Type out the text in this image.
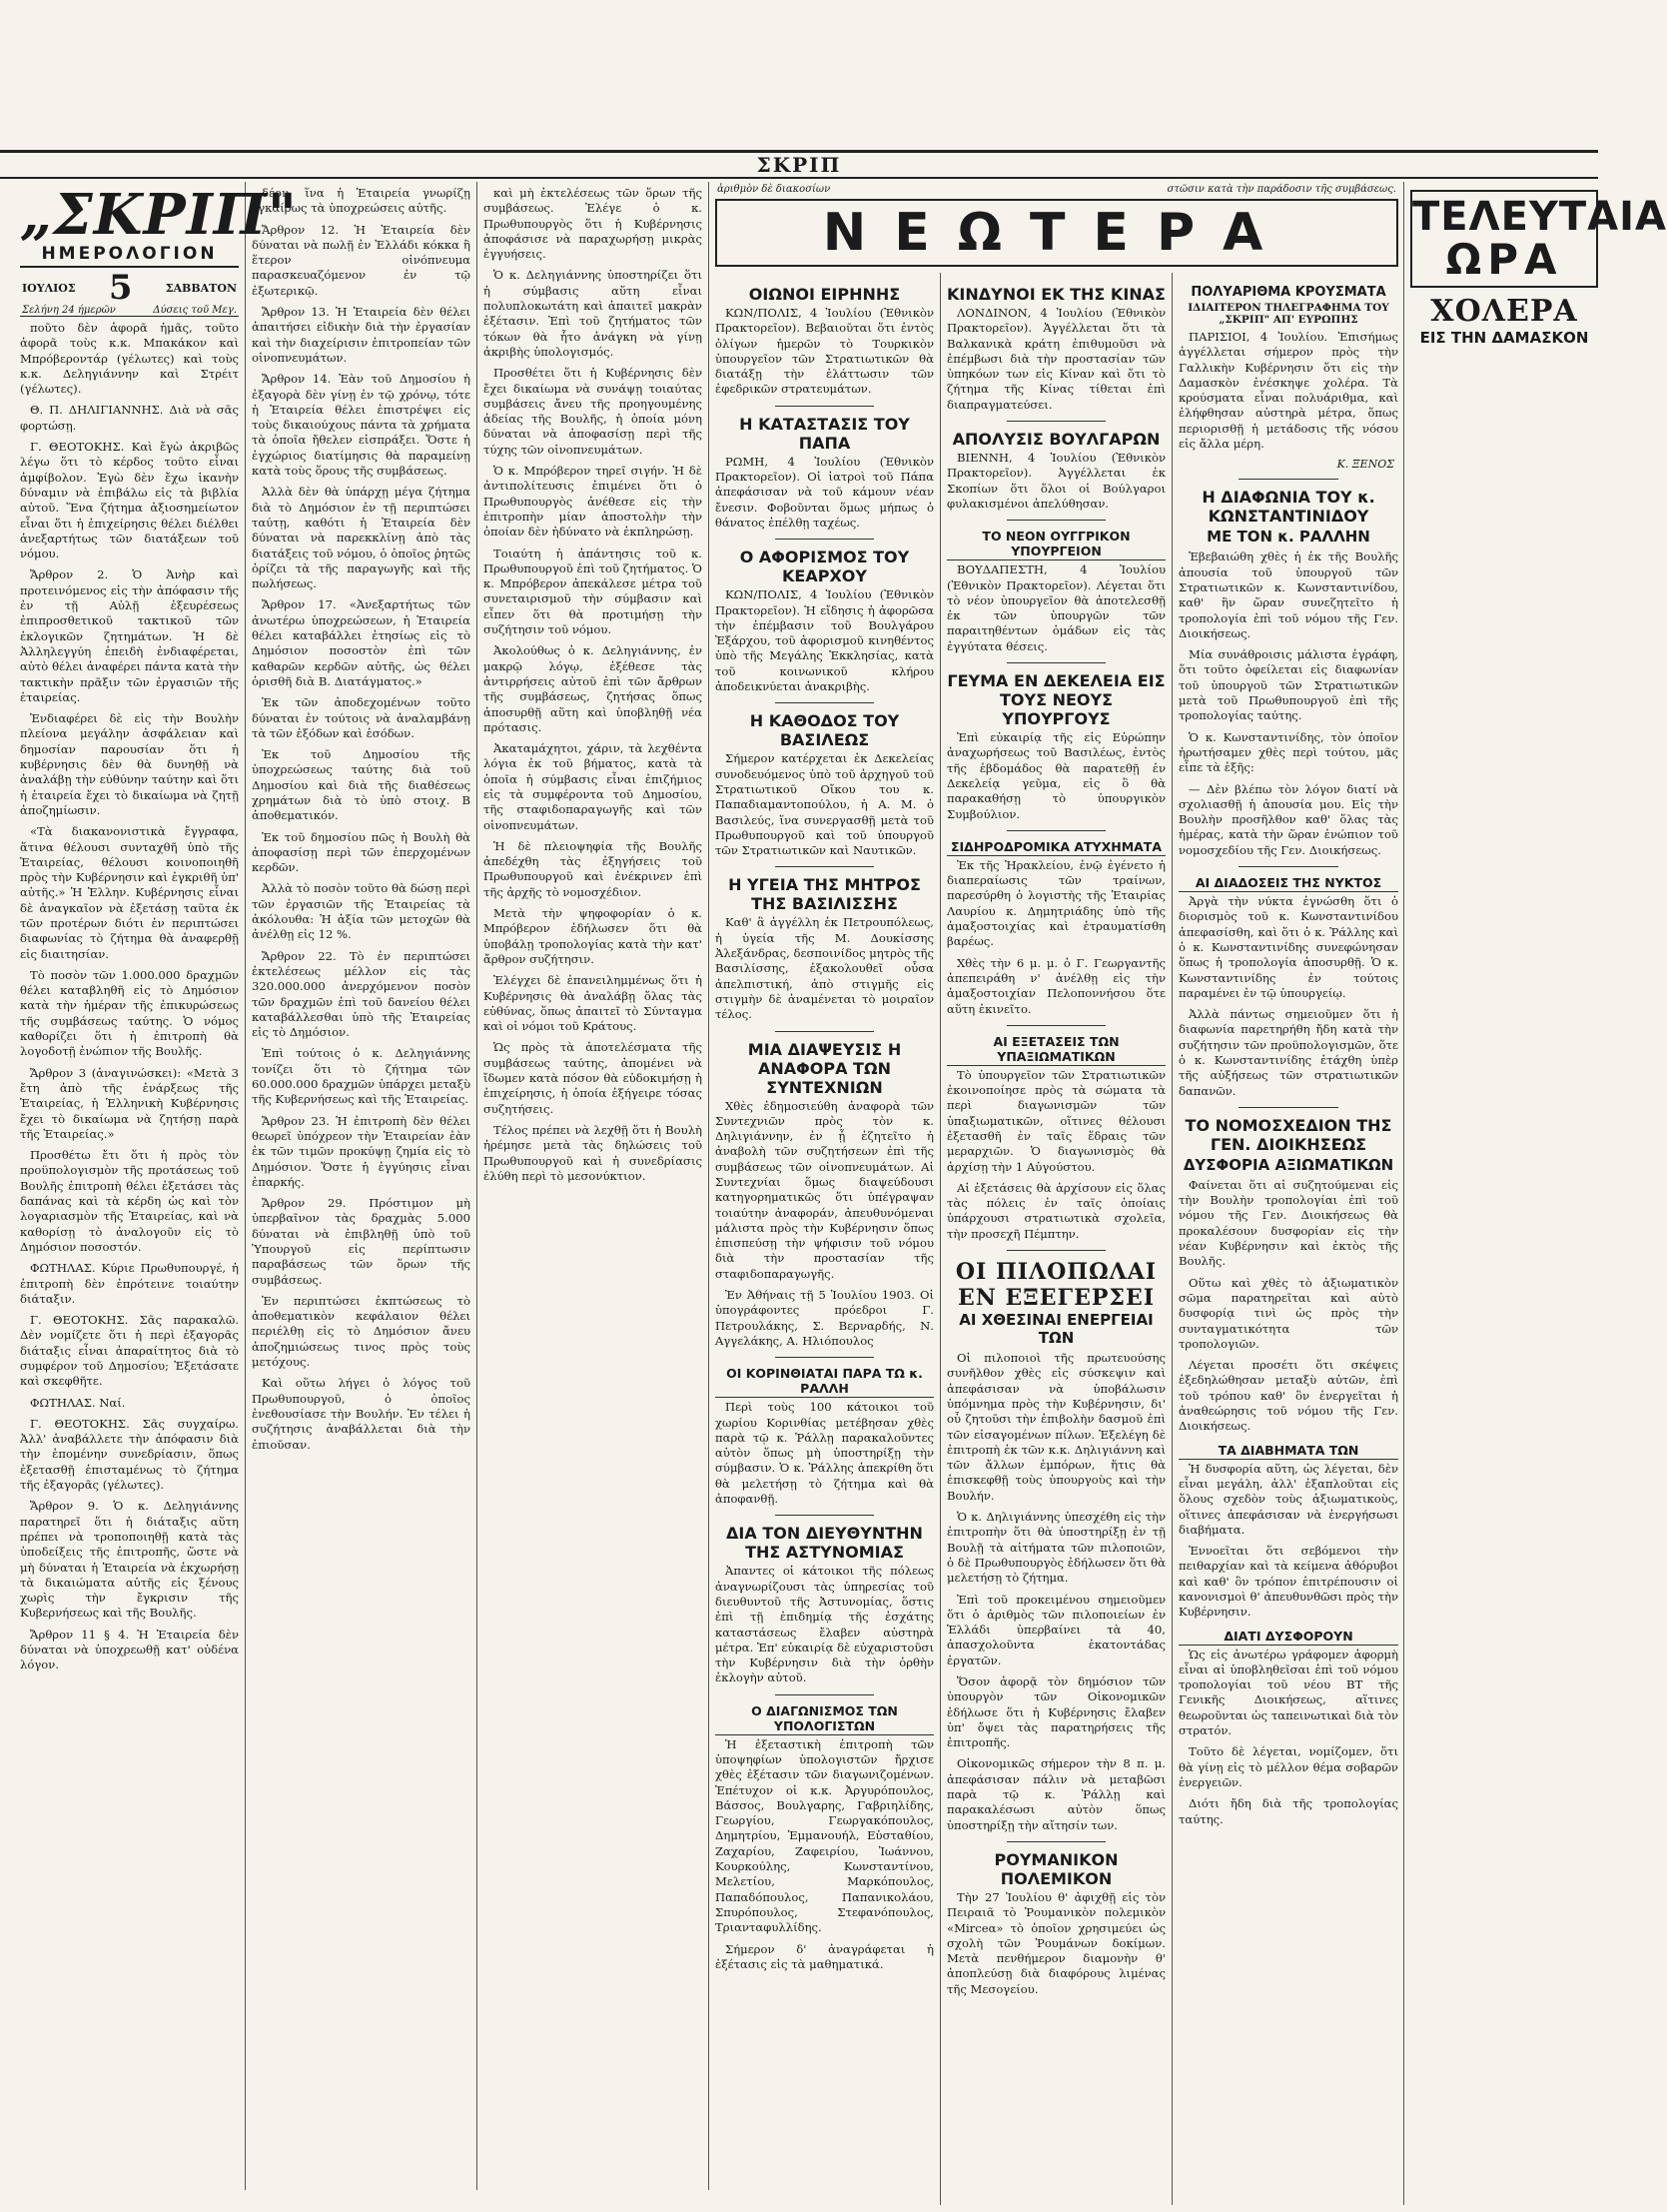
ΣΚΡΙΠ

„ΣΚΡΙΠ"

ΗΜΕΡΟΛΟΓΙΟΝ

ΙΟΥΛΙΟΣ 5	ΣΑΒΒΑΤΟΝ
Σελήνη 24 ήμερῶν	Δύσεις τοῦ Μεγ.

ποῦτο δὲν ἀφορᾶ ἡμᾶς, τοῦτο ἀφορᾶ τοὺς κ.κ. Μπακάκον καὶ Μπρόβεροντάρ (γέλωτες) καὶ τοὺς κ.κ. Δεληγιάννην καὶ Στρέιτ (γέλωτες).

Θ. Π. ΔΗΛΙΓΙΑΝΝΗΣ. Διὰ νὰ σᾶς φορτώσῃ.

Γ. ΘΕΟΤΟΚΗΣ. Καὶ ἔγὼ ἀκριβῶς λέγω ὅτι τὸ κέρδος τοῦτο εἶναι ἀμφίβολον. Ἐγὼ δὲν ἔχω ἱκανὴν δύναμιν νὰ ἐπιβάλω εἰς τὰ βιβλία αὐτοῦ. Ἕνα ζήτημα ἀξιοσημείωτον εἶναι ὅτι ἡ ἐπιχείρησις θέλει διέλθει ἀνεξαρτήτως τῶν διατάξεων τοῦ νόμου.

Ἄρθρον 2. Ὁ Ἀνὴρ καὶ προτεινόμενος εἰς τὴν ἀπόφασιν τῆς ἐν τῇ Αὐλῇ ἐξευρέσεως ἐπιπροσθετικοῦ τακτικοῦ τῶν ἐκλογικῶν ζητημάτων. Ἡ δὲ Ἀλληλεγγύη ἐπειδὴ ἐνδιαφέρεται, αὐτὸ θέλει ἀναφέρει πάντα κατὰ τὴν τακτικὴν πρᾶξιν τῶν ἐργασιῶν τῆς ἑταιρείας.

Ἐνδιαφέρει δὲ εἰς τὴν Βουλὴν πλείονα μεγάλην ἀσφάλειαν καὶ δημοσίαν παρουσίαν ὅτι ἡ κυβέρνησις δὲν θὰ δυνηθῇ νὰ ἀναλάβῃ τὴν εὐθύνην ταύτην καὶ ὅτι ἡ ἑταιρεία ἔχει τὸ δικαίωμα νὰ ζητῇ ἀποζημίωσιν.

«Τὰ διακανονιστικὰ ἔγγραφα, ἅτινα θέλουσι συνταχθῆ ὑπὸ τῆς Ἑταιρείας, θέλουσι κοινοποιηθῆ πρὸς τὴν Κυβέρνησιν καὶ ἐγκριθῆ ὑπ' αὐτῆς.» Ἡ Ἑλλην. Κυβέρνησις εἶναι δὲ ἀναγκαῖον νὰ ἐξετάσῃ ταῦτα ἐκ τῶν προτέρων διότι ἐν περιπτώσει διαφωνίας τὸ ζήτημα θὰ ἀναφερθῇ εἰς διαιτησίαν.

Τὸ ποσὸν τῶν 1.000.000 δραχμῶν θέλει καταβληθῆ εἰς τὸ Δημόσιον κατὰ τὴν ἡμέραν τῆς ἐπικυρώσεως τῆς συμβάσεως ταύτης. Ὁ νόμος καθορίζει ὅτι ἡ ἐπιτροπὴ θὰ λογοδοτῇ ἐνώπιον τῆς Βουλῆς.

Ἄρθρον 3 (ἀναγινώσκει): «Μετὰ 3 ἔτη ἀπὸ τῆς ἐνάρξεως τῆς Ἑταιρείας, ἡ Ἑλληνικὴ Κυβέρνησις ἔχει τὸ δικαίωμα νὰ ζητήσῃ παρὰ τῆς Ἑταιρείας.»

Προσθέτω ἔτι ὅτι ἡ πρὸς τὸν προϋπολογισμὸν τῆς προτάσεως τοῦ Βουλῆς ἐπιτροπὴ θέλει ἐξετάσει τὰς δαπάνας καὶ τὰ κέρδη ὡς καὶ τὸν λογαριασμὸν τῆς Ἑταιρείας, καὶ νὰ καθορίσῃ τὸ ἀναλογοῦν εἰς τὸ Δημόσιον ποσοστόν.

ΦΩΤΗΛΑΣ. Κύριε Πρωθυπουργέ, ἡ ἐπιτροπὴ δὲν ἐπρότεινε τοιαύτην διάταξιν.

Γ. ΘΕΟΤΟΚΗΣ. Σᾶς παρακαλῶ. Δὲν νομίζετε ὅτι ἡ περὶ ἐξαγορᾶς διάταξις εἶναι ἀπαραίτητος διὰ τὸ συμφέρον τοῦ Δημοσίου; Ἐξετάσατε καὶ σκεφθῆτε.

ΦΩΤΗΛΑΣ. Ναί.

Γ. ΘΕΟΤΟΚΗΣ. Σᾶς συγχαίρω. Ἀλλ' ἀναβάλλετε τὴν ἀπόφασιν διὰ τὴν ἑπομένην συνεδρίασιν, ὅπως ἐξετασθῇ ἐπισταμένως τὸ ζήτημα τῆς ἐξαγορᾶς (γέλωτες).

Ἄρθρον 9. Ὁ κ. Δεληγιάννης παρατηρεῖ ὅτι ἡ διάταξις αὕτη πρέπει νὰ τροποποιηθῇ κατὰ τὰς ὑποδείξεις τῆς ἐπιτροπῆς, ὥστε νὰ μὴ δύναται ἡ Ἑταιρεία νὰ ἐκχωρήσῃ τὰ δικαιώματα αὐτῆς εἰς ξένους χωρὶς τὴν ἔγκρισιν τῆς Κυβερνήσεως καὶ τῆς Βουλῆς.

Ἄρθρον 11 § 4. Ἡ Ἑταιρεία δὲν δύναται νὰ ὑποχρεωθῇ κατ' οὐδένα λόγον.

δέον, ἵνα ἡ Ἑταιρεία γνωρίζῃ ἐγκαίρως τὰ ὑποχρεώσεις αὐτῆς.

Ἄρθρον 12. Ἡ Ἑταιρεία δὲν δύναται νὰ πωλῇ ἐν Ἑλλάδι κόκκα ἢ ἕτερον οἰνόπνευμα παρασκευαζόμενον ἐν τῷ ἐξωτερικῷ.

Ἄρθρον 13. Ἡ Ἑταιρεία δὲν θέλει ἀπαιτήσει εἰδικὴν διὰ τὴν ἐργασίαν καὶ τὴν διαχείρισιν ἐπιτροπείαν τῶν οἰνοπνευμάτων.

Ἄρθρον 14. Ἐὰν τοῦ Δημοσίου ἡ ἐξαγορὰ δὲν γίνῃ ἐν τῷ χρόνῳ, τότε ἡ Ἑταιρεία θέλει ἐπιστρέψει εἰς τοὺς δικαιούχους πάντα τὰ χρήματα τὰ ὁποῖα ἤθελεν εἰσπράξει. Ὅστε ἡ ἐγχώριος διατίμησις θὰ παραμείνῃ κατὰ τοὺς ὅρους τῆς συμβάσεως.

Ἀλλὰ δὲν θὰ ὑπάρχῃ μέγα ζήτημα διὰ τὸ Δημόσιον ἐν τῇ περιπτώσει ταύτῃ, καθότι ἡ Ἑταιρεία δὲν δύναται νὰ παρεκκλίνῃ ἀπὸ τὰς διατάξεις τοῦ νόμου, ὁ ὁποῖος ῥητῶς ὁρίζει τὰ τῆς παραγωγῆς καὶ τῆς πωλήσεως.

Ἄρθρον 17. «Ἀνεξαρτήτως τῶν ἀνωτέρω ὑποχρεώσεων, ἡ Ἑταιρεία θέλει καταβάλλει ἐτησίως εἰς τὸ Δημόσιον ποσοστὸν ἐπὶ τῶν καθαρῶν κερδῶν αὐτῆς, ὡς θέλει ὁρισθῆ διὰ Β. Διατάγματος.»

Ἐκ τῶν ἀποδεχομένων τοῦτο δύναται ἐν τούτοις νὰ ἀναλαμβάνῃ τὰ τῶν ἐξόδων καὶ ἐσόδων.

Ἐκ τοῦ Δημοσίου τῆς ὑποχρεώσεως ταύτης διὰ τοῦ Δημοσίου καὶ διὰ τῆς διαθέσεως χρημάτων διὰ τὸ ὑπὸ στοιχ. Β ἀποθεματικόν.

Ἐκ τοῦ δημοσίου πῶς ἡ Βουλὴ θὰ ἀποφασίσῃ περὶ τῶν ἐπερχομένων κερδῶν.

Ἀλλὰ τὸ ποσὸν τοῦτο θὰ δώσῃ περὶ τῶν ἐργασιῶν τῆς Ἑταιρείας τὰ ἀκόλουθα: Ἡ ἀξία τῶν μετοχῶν θὰ ἀνέλθῃ εἰς 12 %.

Ἄρθρον 22. Τὸ ἐν περιπτώσει ἐκτελέσεως μέλλον εἰς τὰς 320.000.000 ἀνερχόμενον ποσὸν τῶν δραχμῶν ἐπὶ τοῦ δανείου θέλει καταβάλλεσθαι ὑπὸ τῆς Ἑταιρείας εἰς τὸ Δημόσιον.

Ἐπὶ τούτοις ὁ κ. Δεληγιάννης τονίζει ὅτι τὸ ζήτημα τῶν 60.000.000 δραχμῶν ὑπάρχει μεταξὺ τῆς Κυβερνήσεως καὶ τῆς Ἑταιρείας.

Ἄρθρον 23. Ἡ ἐπιτροπὴ δὲν θέλει θεωρεῖ ὑπόχρεον τὴν Ἑταιρείαν ἐὰν ἐκ τῶν τιμῶν προκύψῃ ζημία εἰς τὸ Δημόσιον. Ὅστε ἡ ἐγγύησις εἶναι ἐπαρκής.

Ἄρθρον 29. Πρόστιμον μὴ ὑπερβαῖνον τὰς δραχμὰς 5.000 δύναται νὰ ἐπιβληθῇ ὑπὸ τοῦ Ὑπουργοῦ εἰς περίπτωσιν παραβάσεως τῶν ὅρων τῆς συμβάσεως.

Ἐν περιπτώσει ἐκπτώσεως τὸ ἀποθεματικὸν κεφάλαιον θέλει περιέλθῃ εἰς τὸ Δημόσιον ἄνευ ἀποζημιώσεως τινος πρὸς τοὺς μετόχους.

Καὶ οὕτω λήγει ὁ λόγος τοῦ Πρωθυπουργοῦ, ὁ ὁποῖος ἐνεθουσίασε τὴν Βουλήν. Ἐν τέλει ἡ συζήτησις ἀναβάλλεται διὰ τὴν ἐπιοῦσαν.

καὶ μὴ ἐκτελέσεως τῶν ὅρων τῆς συμβάσεως. Ἐλέγε ὁ κ. Πρωθυπουργὸς ὅτι ἡ Κυβέρνησις ἀποφάσισε νὰ παραχωρήσῃ μικρὰς ἐγγυήσεις.

Ὁ κ. Δεληγιάννης ὑποστηρίζει ὅτι ἡ σύμβασις αὕτη εἶναι πολυπλοκωτάτη καὶ ἀπαιτεῖ μακρὰν ἐξέτασιν. Ἐπὶ τοῦ ζητήματος τῶν τόκων θὰ ἦτο ἀνάγκη νὰ γίνῃ ἀκριβὴς ὑπολογισμός.

Προσθέτει ὅτι ἡ Κυβέρνησις δὲν ἔχει δικαίωμα νὰ συνάψῃ τοιαύτας συμβάσεις ἄνευ τῆς προηγουμένης ἀδείας τῆς Βουλῆς, ἡ ὁποία μόνη δύναται νὰ ἀποφασίσῃ περὶ τῆς τύχης τῶν οἰνοπνευμάτων.

Ὁ κ. Μπρόβερον τηρεῖ σιγήν. Ἡ δὲ ἀντιπολίτευσις ἐπιμένει ὅτι ὁ Πρωθυπουργὸς ἀνέθεσε εἰς τὴν ἐπιτροπὴν μίαν ἀποστολὴν τὴν ὁποίαν δὲν ἠδύνατο νὰ ἐκπληρώσῃ.

Τοιαύτη ἡ ἀπάντησις τοῦ κ. Πρωθυπουργοῦ ἐπὶ τοῦ ζητήματος. Ὁ κ. Μπρόβερον ἀπεκάλεσε μέτρα τοῦ συνεταιρισμοῦ τὴν σύμβασιν καὶ εἶπεν ὅτι θὰ προτιμήσῃ τὴν συζήτησιν τοῦ νόμου.

Ἀκολούθως ὁ κ. Δεληγιάννης, ἐν μακρῷ λόγῳ, ἐξέθεσε τὰς ἀντιρρήσεις αὐτοῦ ἐπὶ τῶν ἄρθρων τῆς συμβάσεως, ζητήσας ὅπως ἀποσυρθῇ αὕτη καὶ ὑποβληθῇ νέα πρότασις.

Ἀκαταμάχητοι, χάριν, τὰ λεχθέντα λόγια ἐκ τοῦ βήματος, κατὰ τὰ ὁποῖα ἡ σύμβασις εἶναι ἐπιζήμιος εἰς τὰ συμφέροντα τοῦ Δημοσίου, τῆς σταφιδοπαραγωγῆς καὶ τῶν οἰνοπνευμάτων.

Ἡ δὲ πλειοψηφία τῆς Βουλῆς ἀπεδέχθη τὰς ἐξηγήσεις τοῦ Πρωθυπουργοῦ καὶ ἐνέκρινεν ἐπὶ τῆς ἀρχῆς τὸ νομοσχέδιον.

Μετὰ τὴν ψηφοφορίαν ὁ κ. Μπρόβερον ἐδήλωσεν ὅτι θὰ ὑποβάλῃ τροπολογίας κατὰ τὴν κατ' ἄρθρον συζήτησιν.

Ἐλέγχει δὲ ἐπανειλημμένως ὅτι ἡ Κυβέρνησις θὰ ἀναλάβῃ ὅλας τὰς εὐθύνας, ὅπως ἀπαιτεῖ τὸ Σύνταγμα καὶ οἱ νόμοι τοῦ Κράτους.

Ὡς πρὸς τὰ ἀποτελέσματα τῆς συμβάσεως ταύτης, ἀπομένει νὰ ἴδωμεν κατὰ πόσον θὰ εὐδοκιμήσῃ ἡ ἐπιχείρησις, ἡ ὁποία ἐξήγειρε τόσας συζητήσεις.

Τέλος πρέπει νὰ λεχθῇ ὅτι ἡ Βουλὴ ἠρέμησε μετὰ τὰς δηλώσεις τοῦ Πρωθυπουργοῦ καὶ ἡ συνεδρίασις ἐλύθη περὶ τὸ μεσονύκτιον.

ἀριθμὸν δὲ διακοσίων	στῶσιν κατὰ τὴν παράδοσιν τῆς συμβάσεως.
ΝΕΩΤΕΡΑ

ΟΙΩΝΟΙ ΕΙΡΗΝΗΣ

ΚΩΝ/ΠΟΛΙΣ, 4 Ἰουλίου (Ἐθνικὸν Πρακτορεῖον). Βεβαιοῦται ὅτι ἐντὸς ὀλίγων ἡμερῶν τὸ Τουρκικὸν ὑπουργεῖον τῶν Στρατιωτικῶν θὰ διατάξῃ τὴν ἐλάττωσιν τῶν ἐφεδρικῶν στρατευμάτων.

Η ΚΑΤΑΣΤΑΣΙΣ ΤΟΥ ΠΑΠΑ

ΡΩΜΗ, 4 Ἰουλίου (Ἐθνικὸν Πρακτορεῖον). Οἱ ἰατροὶ τοῦ Πάπα ἀπεφάσισαν νὰ τοῦ κάμουν νέαν ἔνεσιν. Φοβοῦνται ὅμως μήπως ὁ θάνατος ἐπέλθῃ ταχέως.

Ο ΑΦΟΡΙΣΜΟΣ ΤΟΥ ΚΕΑΡΧΟΥ

ΚΩΝ/ΠΟΛΙΣ, 4 Ἰουλίου (Ἐθνικὸν Πρακτορεῖον). Ἡ εἴδησις ἡ ἀφορῶσα τὴν ἐπέμβασιν τοῦ Βουλγάρου Ἐξάρχου, τοῦ ἀφορισμοῦ κινηθέντος ὑπὸ τῆς Μεγάλης Ἐκκλησίας, κατὰ τοῦ κοινωνικοῦ κλήρου ἀποδεικνύεται ἀνακριβὴς.

Η ΚΑΘΟΔΟΣ ΤΟΥ ΒΑΣΙΛΕΩΣ

Σήμερον κατέρχεται ἐκ Δεκελείας συνοδευόμενος ὑπὸ τοῦ ἀρχηγοῦ τοῦ Στρατιωτικοῦ Οἴκου του κ. Παπαδιαμαντοπούλου, ἡ Α. Μ. ὁ Βασιλεύς, ἵνα συνεργασθῇ μετὰ τοῦ Πρωθυπουργοῦ καὶ τοῦ ὑπουργοῦ τῶν Στρατιωτικῶν καὶ Ναυτικῶν.

Η ΥΓΕΙΑ ΤΗΣ ΜΗΤΡΟΣ ΤΗΣ ΒΑΣΙΛΙΣΣΗΣ

Καθ' ἃ ἀγγέλλη ἐκ Πετρουπόλεως, ἡ ὑγεία τῆς Μ. Δουκίσσης Ἀλεξάνδρας, δεσποινίδος μητρὸς τῆς Βασιλίσσης, ἐξακολουθεῖ οὖσα ἀπελπιστική, ἀπὸ στιγμῆς εἰς στιγμὴν δὲ ἀναμένεται τὸ μοιραῖον τέλος.

ΜΙΑ ΔΙΑΨΕΥΣΙΣ Η ΑΝΑΦΟΡΑ ΤΩΝ ΣΥΝΤΕΧΝΙΩΝ

Χθὲς ἐδημοσιεύθη ἀναφορὰ τῶν Συντεχνιῶν πρὸς τὸν κ. Δηλιγιάννην, ἐν ᾗ ἐζητεῖτο ἡ ἀναβολὴ τῶν συζητήσεων ἐπὶ τῆς συμβάσεως τῶν οἰνοπνευμάτων. Αἱ Συντεχνίαι ὅμως διαψεύδουσι κατηγορηματικῶς ὅτι ὑπέγραψαν τοιαύτην ἀναφοράν, ἀπευθυνόμεναι μάλιστα πρὸς τὴν Κυβέρνησιν ὅπως ἐπισπεύσῃ τὴν ψήφισιν τοῦ νόμου διὰ τὴν προστασίαν τῆς σταφιδοπαραγωγῆς.

Ἐν Ἀθήναις τῇ 5 Ἰουλίου 1903. Οἱ ὑπογράφοντες πρόεδροι Γ. Πετρουλάκης, Σ. Βερναρδής, Ν. Αγγελάκης, Α. Ηλιόπουλος

ΟΙ ΚΟΡΙΝΘΙΑΤΑΙ ΠΑΡΑ ΤΩ κ. ΡΑΛΛΗ

Περὶ τοὺς 100 κάτοικοι τοῦ χωρίου Κορινθίας μετέβησαν χθὲς παρὰ τῷ κ. Ῥάλλῃ παρακαλοῦντες αὐτὸν ὅπως μὴ ὑποστηρίξῃ τὴν σύμβασιν. Ὁ κ. Ῥάλλης ἀπεκρίθη ὅτι θὰ μελετήσῃ τὸ ζήτημα καὶ θὰ ἀποφανθῇ.

ΔΙΑ ΤΟΝ ΔΙΕΥΘΥΝΤΗΝ ΤΗΣ ΑΣΤΥΝΟΜΙΑΣ

Ἀπαντες οἱ κάτοικοι τῆς πόλεως ἀναγνωρίζουσι τὰς ὑπηρεσίας τοῦ διευθυντοῦ τῆς Ἀστυνομίας, ὅστις ἐπὶ τῇ ἐπιδημίᾳ τῆς ἐσχάτης καταστάσεως ἔλαβεν αὐστηρὰ μέτρα. Ἐπ' εὐκαιρίᾳ δὲ εὐχαριστοῦσι τὴν Κυβέρνησιν διὰ τὴν ὀρθὴν ἐκλογὴν αὐτοῦ.

Ο ΔΙΑΓΩΝΙΣΜΟΣ ΤΩΝ ΥΠΟΛΟΓΙΣΤΩΝ

Ἡ ἐξεταστικὴ ἐπιτροπὴ τῶν ὑποψηφίων ὑπολογιστῶν ἤρχισε χθὲς ἐξέτασιν τῶν διαγωνιζομένων. Ἐπέτυχον οἱ κ.κ. Ἀργυρόπουλος, Βάσσος, Βουλγαρης, Γαβριηλίδης, Γεωργίου, Γεωργακόπουλος, Δημητρίου, Ἐμμανουήλ, Εὐσταθίου, Ζαχαρίου, Ζαφειρίου, Ἰωάννου, Κουρκούλης, Κωνσταντίνου, Μελετίου, Μαρκόπουλος, Παπαδόπουλος, Παπανικολάου, Σπυρόπουλος, Στεφανόπουλος, Τριανταφυλλίδης.

Σήμερον δ' ἀναγράφεται ἡ ἐξέτασις εἰς τὰ μαθηματικά.

ΚΙΝΔΥΝΟΙ ΕΚ ΤΗΣ ΚΙΝΑΣ

ΛΟΝΔΙΝΟΝ, 4 Ἰουλίου (Ἐθνικὸν Πρακτορεῖον). Ἀγγέλλεται ὅτι τὰ Βαλκανικὰ κράτη ἐπιθυμοῦσι νὰ ἐπέμβωσι διὰ τὴν προστασίαν τῶν ὑπηκόων των εἰς Κίναν καὶ ὅτι τὸ ζήτημα τῆς Κίνας τίθεται ἐπὶ διαπραγματεύσει.

ΑΠΟΛΥΣΙΣ ΒΟΥΛΓΑΡΩΝ

ΒΙΕΝΝΗ, 4 Ἰουλίου (Ἐθνικὸν Πρακτορεῖον). Ἀγγέλλεται ἐκ Σκοπίων ὅτι ὅλοι οἱ Βούλγαροι φυλακισμένοι ἀπελύθησαν.

ΤΟ ΝΕΟΝ ΟΥΓΓΡΙΚΟΝ ΥΠΟΥΡΓΕΙΟΝ

ΒΟΥΔΑΠΕΣΤΗ, 4 Ἰουλίου (Ἐθνικὸν Πρακτορεῖον). Λέγεται ὅτι τὸ νέον ὑπουργεῖον θὰ ἀποτελεσθῇ ἐκ τῶν ὑπουργῶν τῶν παραιτηθέντων ὁμάδων εἰς τὰς ἐγγύτατα θέσεις.

ΓΕΥΜΑ ΕΝ ΔΕΚΕΛΕΙΑ ΕΙΣ ΤΟΥΣ ΝΕΟΥΣ ΥΠΟΥΡΓΟΥΣ

Ἐπὶ εὐκαιρίᾳ τῆς εἰς Εὐρώπην ἀναχωρήσεως τοῦ Βασιλέως, ἐντὸς τῆς ἑβδομάδος θὰ παρατεθῇ ἐν Δεκελείᾳ γεῦμα, εἰς ὃ θὰ παρακαθήσῃ τὸ ὑπουργικὸν Συμβούλιον.

ΣΙΔΗΡΟΔΡΟΜΙΚΑ ΑΤΥΧΗΜΑΤΑ

Ἐκ τῆς Ἡρακλείου, ἐνῷ ἐγένετο ἡ διαπεραίωσις τῶν τραίνων, παρεσύρθη ὁ λογιστὴς τῆς Ἑταιρίας Λαυρίου κ. Δημητριάδης ὑπὸ τῆς ἁμαξοστοιχίας καὶ ἐτραυματίσθη βαρέως.

Χθὲς τὴν 6 μ. μ. ὁ Γ. Γεωργαντῆς ἀπεπειράθη ν' ἀνέλθῃ εἰς τὴν ἁμαξοστοιχίαν Πελοποννήσου ὅτε αὕτη ἐκινεῖτο.

ΑΙ ΕΞΕΤΑΣΕΙΣ ΤΩΝ ΥΠΑΞΙΩΜΑΤΙΚΩΝ

Τὸ ὑπουργεῖον τῶν Στρατιωτικῶν ἐκοινοποίησε πρὸς τὰ σώματα τὰ περὶ διαγωνισμῶν τῶν ὑπαξιωματικῶν, οἵτινες θέλουσι ἐξετασθῆ ἐν ταῖς ἕδραις τῶν μεραρχιῶν. Ὁ διαγωνισμὸς θὰ ἀρχίσῃ τὴν 1 Αὐγούστου.

Αἱ ἐξετάσεις θὰ ἀρχίσουν εἰς ὅλας τὰς πόλεις ἐν ταῖς ὁποίαις ὑπάρχουσι στρατιωτικὰ σχολεῖα, τὴν προσεχῆ Πέμπτην.

ΟΙ ΠΙΛΟΠΩΛΑΙ ΕΝ ΕΞΕΓΕΡΣΕΙ

ΑΙ ΧΘΕΣΙΝΑΙ ΕΝΕΡΓΕΙΑΙ ΤΩΝ

Οἱ πιλοποιοὶ τῆς πρωτευούσης συνῆλθον χθὲς εἰς σύσκεψιν καὶ ἀπεφάσισαν νὰ ὑποβάλωσιν ὑπόμνημα πρὸς τὴν Κυβέρνησιν, δι' οὗ ζητοῦσι τὴν ἐπιβολὴν δασμοῦ ἐπὶ τῶν εἰσαγομένων πίλων. Ἐξελέγη δὲ ἐπιτροπὴ ἐκ τῶν κ.κ. Δηλιγιάννη καὶ τῶν ἄλλων ἐμπόρων, ἥτις θὰ ἐπισκεφθῇ τοὺς ὑπουργοὺς καὶ τὴν Βουλήν.

Ὁ κ. Δηλιγιάννης ὑπεσχέθη εἰς τὴν ἐπιτροπὴν ὅτι θὰ ὑποστηρίξῃ ἐν τῇ Βουλῇ τὰ αἰτήματα τῶν πιλοποιῶν, ὁ δὲ Πρωθυπουργὸς ἐδήλωσεν ὅτι θὰ μελετήσῃ τὸ ζήτημα.

Ἐπὶ τοῦ προκειμένου σημειοῦμεν ὅτι ὁ ἀριθμὸς τῶν πιλοποιείων ἐν Ἑλλάδι ὑπερβαίνει τὰ 40, ἀπασχολοῦντα ἑκατοντάδας ἐργατῶν.

Ὅσον ἀφορᾷ τὸν δημόσιον τῶν ὑπουργὸν τῶν Οἰκονομικῶν ἐδήλωσε ὅτι ἡ Κυβέρνησις ἔλαβεν ὑπ' ὄψει τὰς παρατηρήσεις τῆς ἐπιτροπῆς.

Οἰκονομικῶς σήμερον τὴν 8 π. μ. ἀπεφάσισαν πάλιν νὰ μεταβῶσι παρὰ τῷ κ. Ῥάλλῃ καὶ παρακαλέσωσι αὐτὸν ὅπως ὑποστηρίξῃ τὴν αἴτησίν των.

ΡΟΥΜΑΝΙΚΟΝ ΠΟΛΕΜΙΚΟΝ

Τὴν 27 Ἰουλίου θ' ἀφιχθῇ εἰς τὸν Πειραιᾶ τὸ Ῥουμανικὸν πολεμικὸν «Μirceα» τὸ ὁποῖον χρησιμεύει ὡς σχολὴ τῶν Ῥουμάνων δοκίμων. Μετὰ πενθήμερον διαμονὴν θ' ἀποπλεύσῃ διὰ διαφόρους λιμένας τῆς Μεσογείου.

ΠΟΛΥΑΡΙΘΜΑ ΚΡΟΥΣΜΑΤΑ

ΙΔΙΑΙΤΕΡΟΝ ΤΗΛΕΓΡΑΦΗΜΑ ΤΟΥ „ΣΚΡΙΠ" ΑΠ' ΕΥΡΩΠΗΣ

ΠΑΡΙΣΙΟΙ, 4 Ἰουλίου. Ἐπισήμως ἀγγέλλεται σήμερον πρὸς τὴν Γαλλικὴν Κυβέρνησιν ὅτι εἰς τὴν Δαμασκὸν ἐνέσκηψε χολέρα. Τὰ κρούσματα εἶναι πολυάριθμα, καὶ ἐλήφθησαν αὐστηρὰ μέτρα, ὅπως περιορισθῇ ἡ μετάδοσις τῆς νόσου εἰς ἄλλα μέρη.

Κ. ΞΕΝΟΣ

Η ΔΙΑΦΩΝΙΑ ΤΟΥ κ. ΚΩΝΣΤΑΝΤΙΝΙΔΟΥ

ΜΕ ΤΟΝ κ. ΡΑΛΛΗΝ

Ἐβεβαιώθη χθὲς ἡ ἐκ τῆς Βουλῆς ἀπουσία τοῦ ὑπουργοῦ τῶν Στρατιωτικῶν κ. Κωνσταντινίδου, καθ' ἣν ὥραν συνεζητεῖτο ἡ τροπολογία ἐπὶ τοῦ νόμου τῆς Γεν. Διοικήσεως.

Μία συνάθροισις μάλιστα ἐγράφη, ὅτι τοῦτο ὀφείλεται εἰς διαφωνίαν τοῦ ὑπουργοῦ τῶν Στρατιωτικῶν μετὰ τοῦ Πρωθυπουργοῦ ἐπὶ τῆς τροπολογίας ταύτης.

Ὁ κ. Κωνσταντινίδης, τὸν ὁποῖον ἠρωτήσαμεν χθὲς περὶ τούτου, μᾶς εἶπε τὰ ἑξῆς:

— Δὲν βλέπω τὸν λόγον διατί νὰ σχολιασθῇ ἡ ἀπουσία μου. Εἰς τὴν Βουλὴν προσῆλθον καθ' ὅλας τὰς ἡμέρας, κατὰ τὴν ὥραν ἐνώπιον τοῦ νομοσχεδίου τῆς Γεν. Διοικήσεως.

ΑΙ ΔΙΑΔΟΣΕΙΣ ΤΗΣ ΝΥΚΤΟΣ

Ἀργὰ τὴν νύκτα ἐγνώσθη ὅτι ὁ διορισμὸς τοῦ κ. Κωνσταντινίδου ἀπεφασίσθη, καὶ ὅτι ὁ κ. Ῥάλλης καὶ ὁ κ. Κωνσταντινίδης συνεφώνησαν ὅπως ἡ τροπολογία ἀποσυρθῇ. Ὁ κ. Κωνσταντινίδης ἐν τούτοις παραμένει ἐν τῷ ὑπουργείῳ.

Ἀλλὰ πάντως σημειοῦμεν ὅτι ἡ διαφωνία παρετηρήθη ἤδη κατὰ τὴν συζήτησιν τῶν προϋπολογισμῶν, ὅτε ὁ κ. Κωνσταντινίδης ἐτάχθη ὑπὲρ τῆς αὐξήσεως τῶν στρατιωτικῶν δαπανῶν.

ΤΟ ΝΟΜΟΣΧΕΔΙΟΝ ΤΗΣ ΓΕΝ. ΔΙΟΙΚΗΣΕΩΣ

ΔΥΣΦΟΡΙΑ ΑΞΙΩΜΑΤΙΚΩΝ

Φαίνεται ὅτι αἱ συζητούμεναι εἰς τὴν Βουλὴν τροπολογίαι ἐπὶ τοῦ νόμου τῆς Γεν. Διοικήσεως θὰ προκαλέσουν δυσφορίαν εἰς τὴν νέαν Κυβέρνησιν καὶ ἐκτὸς τῆς Βουλῆς.

Οὕτω καὶ χθὲς τὸ ἀξιωματικὸν σῶμα παρατηρεῖται καὶ αὐτὸ δυσφορίᾳ τινὶ ὡς πρὸς τὴν συνταγματικότητα τῶν τροπολογιῶν.

Λέγεται προσέτι ὅτι σκέψεις ἐξεδηλώθησαν μεταξὺ αὐτῶν, ἐπὶ τοῦ τρόπου καθ' ὃν ἐνεργεῖται ἡ ἀναθεώρησις τοῦ νόμου τῆς Γεν. Διοικήσεως.

ΤΑ ΔΙΑΒΗΜΑΤΑ ΤΩΝ

Ἡ δυσφορία αὕτη, ὡς λέγεται, δὲν εἶναι μεγάλη, ἀλλ' ἐξαπλοῦται εἰς ὅλους σχεδὸν τοὺς ἀξιωματικοὺς, οἵτινες ἀπεφάσισαν νὰ ἐνεργήσωσι διαβήματα.

Ἐννοεῖται ὅτι σεβόμενοι τὴν πειθαρχίαν καὶ τὰ κείμενα ἀθόρυβοι καὶ καθ' ὃν τρόπον ἐπιτρέπουσιν οἱ κανονισμοὶ θ' ἀπευθυνθῶσι πρὸς τὴν Κυβέρνησιν.

ΔΙΑΤΙ ΔΥΣΦΟΡΟΥΝ

Ὡς εἰς ἀνωτέρω γράφομεν ἀφορμὴ εἶναι αἱ ὑποβληθεῖσαι ἐπὶ τοῦ νόμου τροπολογίαι τοῦ νέου ΒΤ τῆς Γενικῆς Διοικήσεως, αἵτινες θεωροῦνται ὡς ταπεινωτικαὶ διὰ τὸν στρατόν.

Τοῦτο δὲ λέγεται, νομίζομεν, ὅτι θὰ γίνῃ εἰς τὸ μέλλον θέμα σοβαρῶν ἐνεργειῶν.

Διότι ἤδη διὰ τῆς τροπολογίας ταύτης.

ΤΕΛΕΥΤΑΙΑ
ΩΡΑ

ΧΟΛΕΡΑ

ΕΙΣ ΤΗΝ ΔΑΜΑΣΚΟΝ
